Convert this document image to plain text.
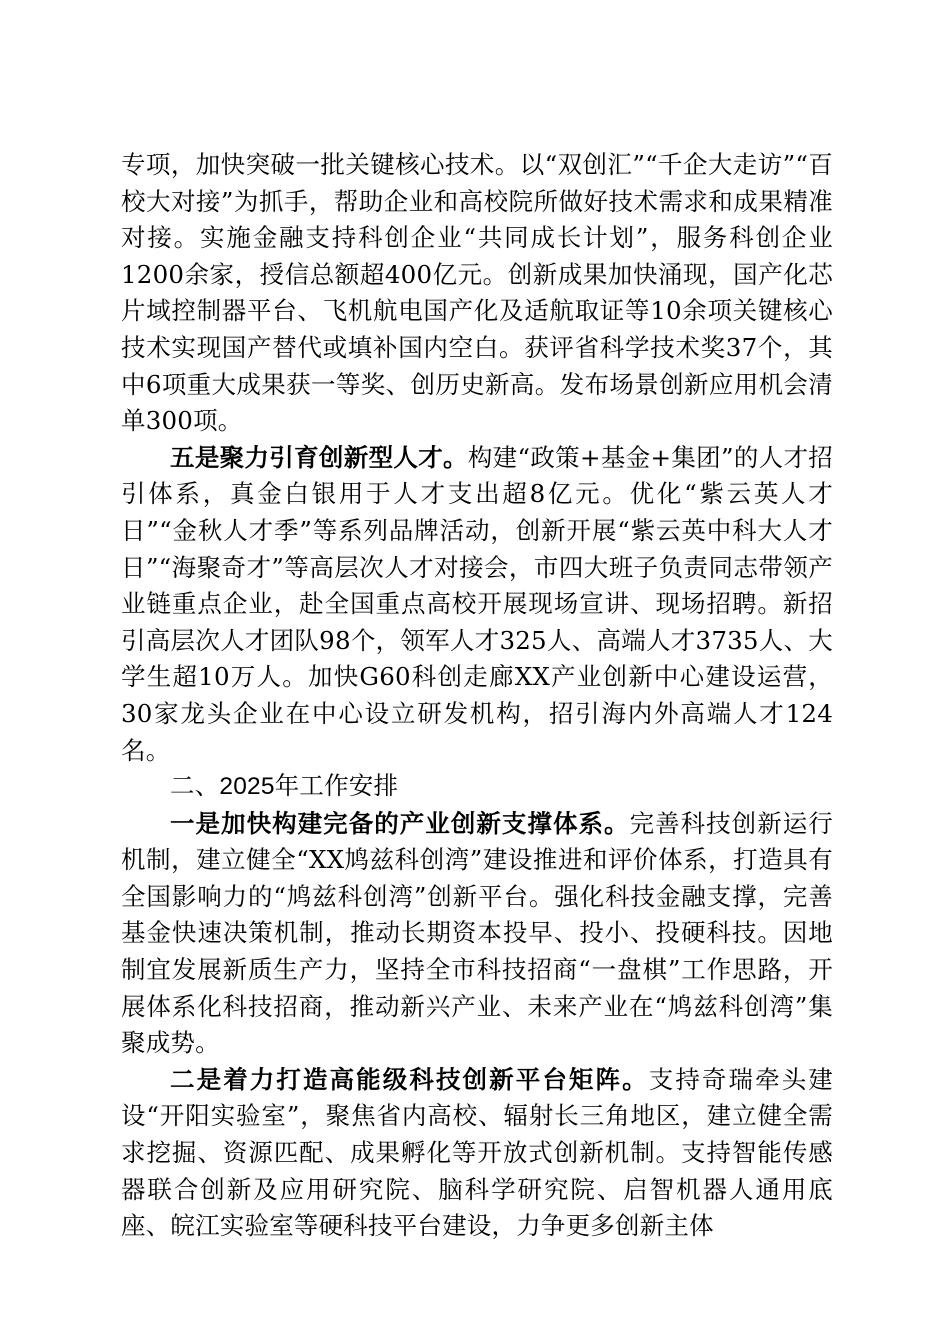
专项，加快突破一批关键核心技术。以“双创汇”“千企大走访”“百校大对接”为抓手，帮助企业和高校院所做好技术需求和成果精准对接。实施金融支持科创企业“共同成长计划”，服务科创企业1200余家，授信总额超400亿元。创新成果加快涌现，国产化芯片域控制器平台、飞机航电国产化及适航取证等10余项关键核心技术实现国产替代或填补国内空白。获评省科学技术奖37个，其中6项重大成果获一等奖、创历史新高。发布场景创新应用机会清单300项。

五是聚力引育创新型人才。构建“政策+基金+集团”的人才招引体系，真金白银用于人才支出超8亿元。优化“紫云英人才日”“金秋人才季”等系列品牌活动，创新开展“紫云英中科大人才日”“海聚奇才”等高层次人才对接会，市四大班子负责同志带领产业链重点企业，赴全国重点高校开展现场宣讲、现场招聘。新招引高层次人才团队98个，领军人才325人、高端人才3735人、大学生超10万人。加快G60科创走廊XX产业创新中心建设运营，30家龙头企业在中心设立研发机构，招引海内外高端人才124名。

二、2025年工作安排

一是加快构建完备的产业创新支撑体系。完善科技创新运行机制，建立健全“XX鸠兹科创湾”建设推进和评价体系，打造具有全国影响力的“鸠兹科创湾”创新平台。强化科技金融支撑，完善基金快速决策机制，推动长期资本投早、投小、投硬科技。因地制宜发展新质生产力，坚持全市科技招商“一盘棋”工作思路，开展体系化科技招商，推动新兴产业、未来产业在“鸠兹科创湾”集聚成势。

二是着力打造高能级科技创新平台矩阵。支持奇瑞牵头建设“开阳实验室”，聚焦省内高校、辐射长三角地区，建立健全需求挖掘、资源匹配、成果孵化等开放式创新机制。支持智能传感器联合创新及应用研究院、脑科学研究院、启智机器人通用底座、皖江实验室等硬科技平台建设，力争更多创新主体
